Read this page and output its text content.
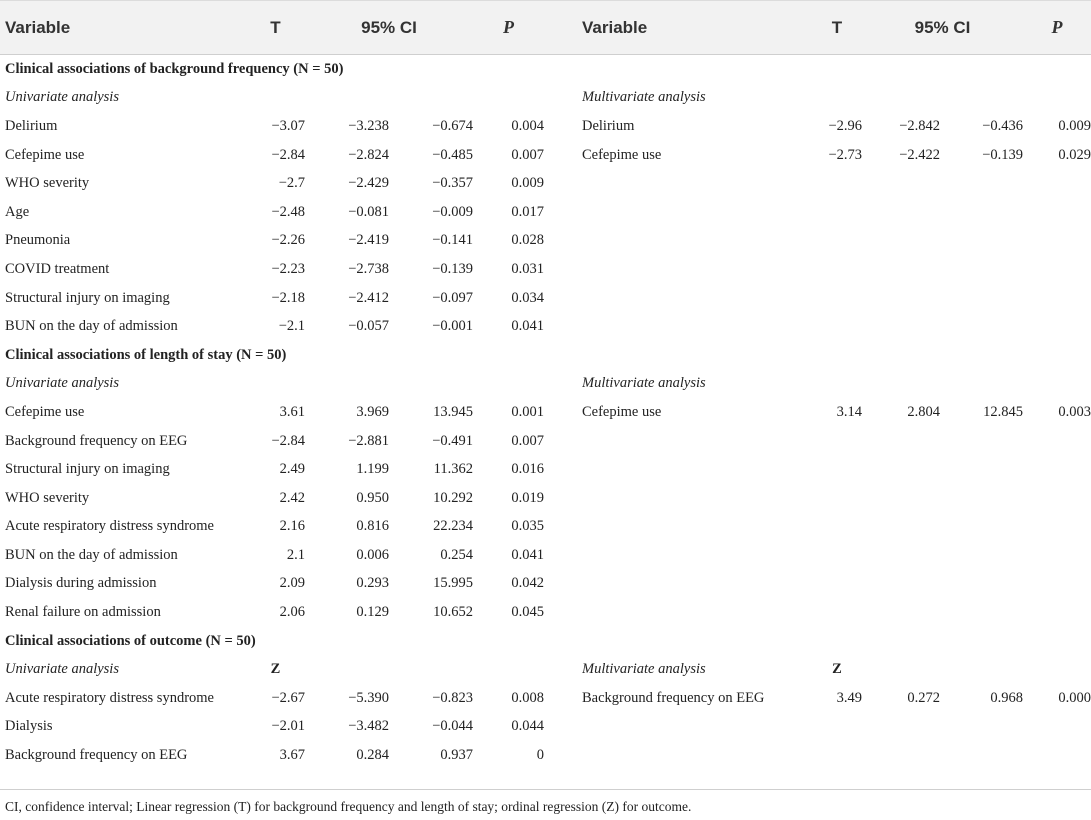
Variable	T	95% CI		P		Variable	T	95% CI		P
Clinical associations of background frequency (N = 50)										
Univariate analysis						Multivariate analysis				
Delirium	−3.07	−3.238	−0.674	0.004		Delirium	−2.96	−2.842	−0.436	0.009
Cefepime use	−2.84	−2.824	−0.485	0.007		Cefepime use	−2.73	−2.422	−0.139	0.029
WHO severity	−2.7	−2.429	−0.357	0.009						
Age	−2.48	−0.081	−0.009	0.017						
Pneumonia	−2.26	−2.419	−0.141	0.028						
COVID treatment	−2.23	−2.738	−0.139	0.031						
Structural injury on imaging	−2.18	−2.412	−0.097	0.034						
BUN on the day of admission	−2.1	−0.057	−0.001	0.041						
Clinical associations of length of stay (N = 50)										
Univariate analysis						Multivariate analysis				
Cefepime use	3.61	3.969	13.945	0.001		Cefepime use	3.14	2.804	12.845	0.003
Background frequency on EEG	−2.84	−2.881	−0.491	0.007						
Structural injury on imaging	2.49	1.199	11.362	0.016						
WHO severity	2.42	0.950	10.292	0.019						
Acute respiratory distress syndrome	2.16	0.816	22.234	0.035						
BUN on the day of admission	2.1	0.006	0.254	0.041						
Dialysis during admission	2.09	0.293	15.995	0.042						
Renal failure on admission	2.06	0.129	10.652	0.045						
Clinical associations of outcome (N = 50)										
Univariate analysis	Z					Multivariate analysis	Z			
Acute respiratory distress syndrome	−2.67	−5.390	−0.823	0.008		Background frequency on EEG	3.49	0.272	0.968	0.000
Dialysis	−2.01	−3.482	−0.044	0.044						
Background frequency on EEG	3.67	0.284	0.937	0						
CI, confidence interval; Linear regression (T) for background frequency and length of stay; ordinal regression (Z) for outcome.
